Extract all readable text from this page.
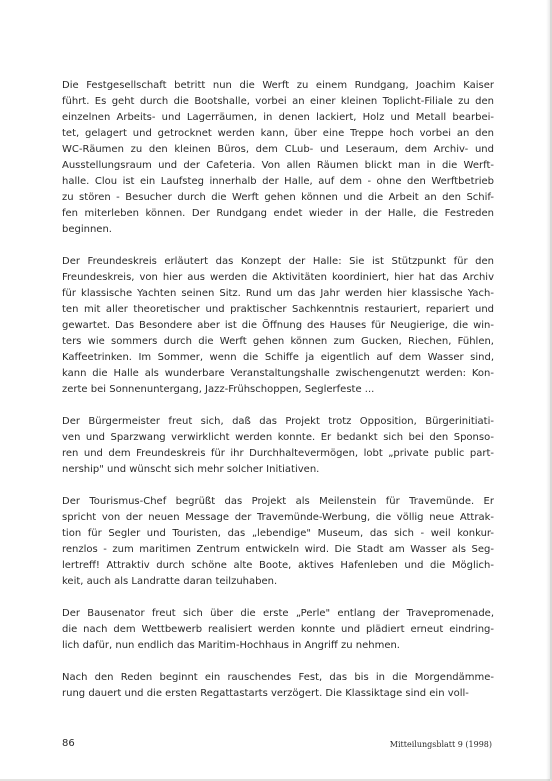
Die Festgesellschaft betritt nun die Werft zu einem Rundgang, Joachim Kaiser
führt. Es geht durch die Bootshalle, vorbei an einer kleinen Toplicht-Filiale zu den
einzelnen Arbeits- und Lagerräumen, in denen lackiert, Holz und Metall bearbei-
tet, gelagert und getrocknet werden kann, über eine Treppe hoch vorbei an den
WC-Räumen zu den kleinen Büros, dem CLub- und Leseraum, dem Archiv- und
Ausstellungsraum und der Cafeteria. Von allen Räumen blickt man in die Werft-
halle. Clou ist ein Laufsteg innerhalb der Halle, auf dem - ohne den Werftbetrieb
zu stören - Besucher durch die Werft gehen können und die Arbeit an den Schif-
fen miterleben können. Der Rundgang endet wieder in der Halle, die Festreden
beginnen.

Der Freundeskreis erläutert das Konzept der Halle: Sie ist Stützpunkt für den
Freundeskreis, von hier aus werden die Aktivitäten koordiniert, hier hat das Archiv
für klassische Yachten seinen Sitz. Rund um das Jahr werden hier klassische Yach-
ten mit aller theoretischer und praktischer Sachkenntnis restauriert, repariert und
gewartet. Das Besondere aber ist die Öffnung des Hauses für Neugierige, die win-
ters wie sommers durch die Werft gehen können zum Gucken, Riechen, Fühlen,
Kaffeetrinken. Im Sommer, wenn die Schiffe ja eigentlich auf dem Wasser sind,
kann die Halle als wunderbare Veranstaltungshalle zwischengenutzt werden: Kon-
zerte bei Sonnenuntergang, Jazz-Frühschoppen, Seglerfeste ...

Der Bürgermeister freut sich, daß das Projekt trotz Opposition, Bürgerinitiati-
ven und Sparzwang verwirklicht werden konnte. Er bedankt sich bei den Sponso-
ren und dem Freundeskreis für ihr Durchhaltevermögen, lobt „private public part-
nership" und wünscht sich mehr solcher Initiativen.

Der Tourismus-Chef begrüßt das Projekt als Meilenstein für Travemünde. Er
spricht von der neuen Message der Travemünde-Werbung, die völlig neue Attrak-
tion für Segler und Touristen, das „lebendige" Museum, das sich - weil konkur-
renzlos - zum maritimen Zentrum entwickeln wird. Die Stadt am Wasser als Seg-
lertreff! Attraktiv durch schöne alte Boote, aktives Hafenleben und die Möglich-
keit, auch als Landratte daran teilzuhaben.

Der Bausenator freut sich über die erste „Perle" entlang der Travepromenade,
die nach dem Wettbewerb realisiert werden konnte und plädiert erneut eindring-
lich dafür, nun endlich das Maritim-Hochhaus in Angriff zu nehmen.

Nach den Reden beginnt ein rauschendes Fest, das bis in die Morgendämme-
rung dauert und die ersten Regattastarts verzögert. Die Klassiktage sind ein voll-

86	Mitteilungsblatt 9 (1998)
